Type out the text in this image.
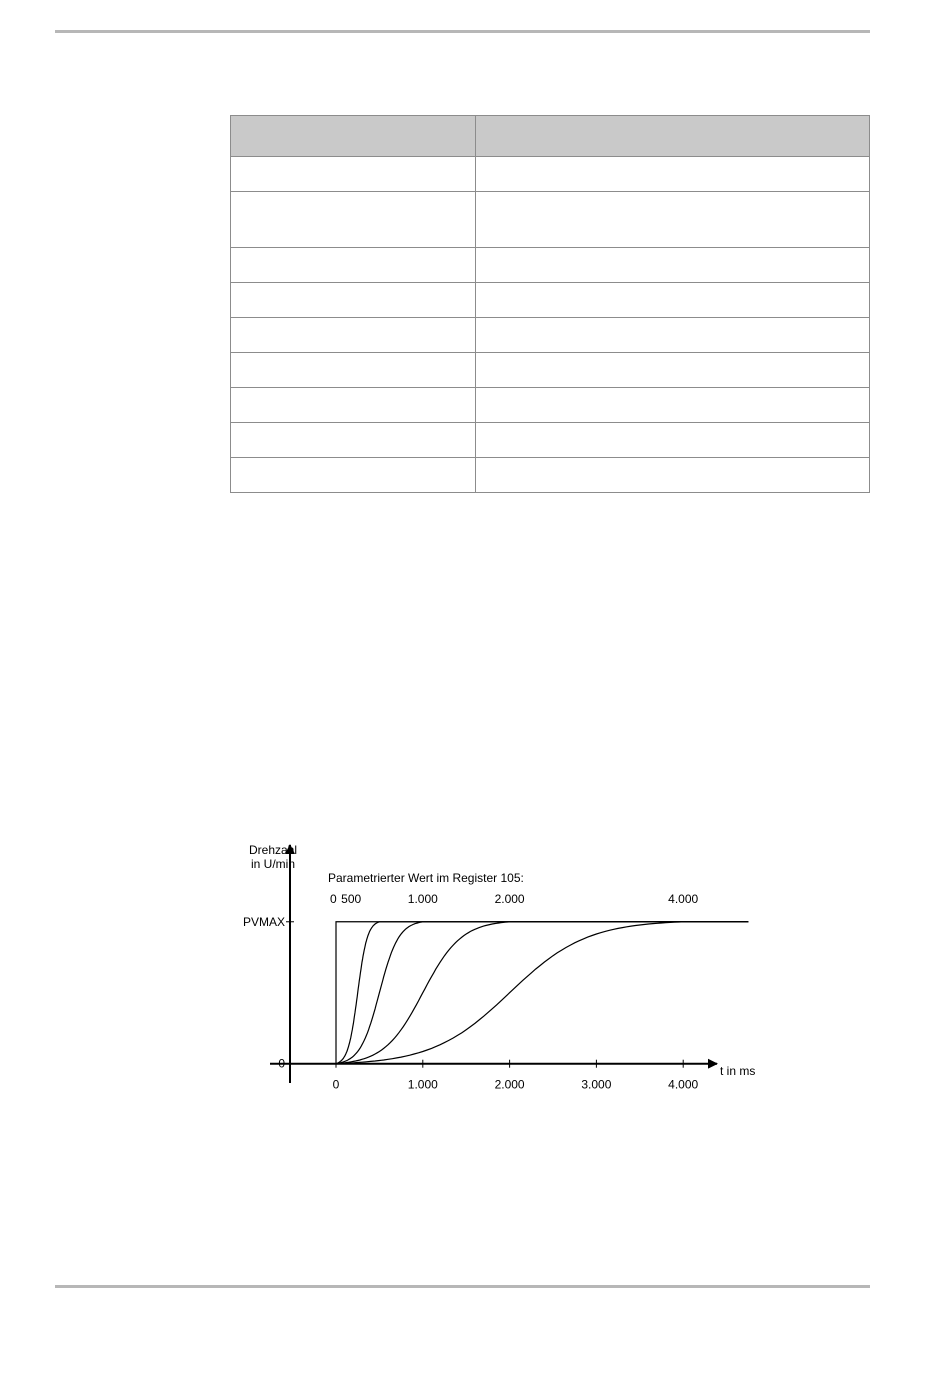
0 500	1.000	2.000	4.000
0	1.000	2.000	3.000	4.000
0
PVMAX
Drehzahl
in U/min
Parametrierter Wert im Register 105:
t in ms
